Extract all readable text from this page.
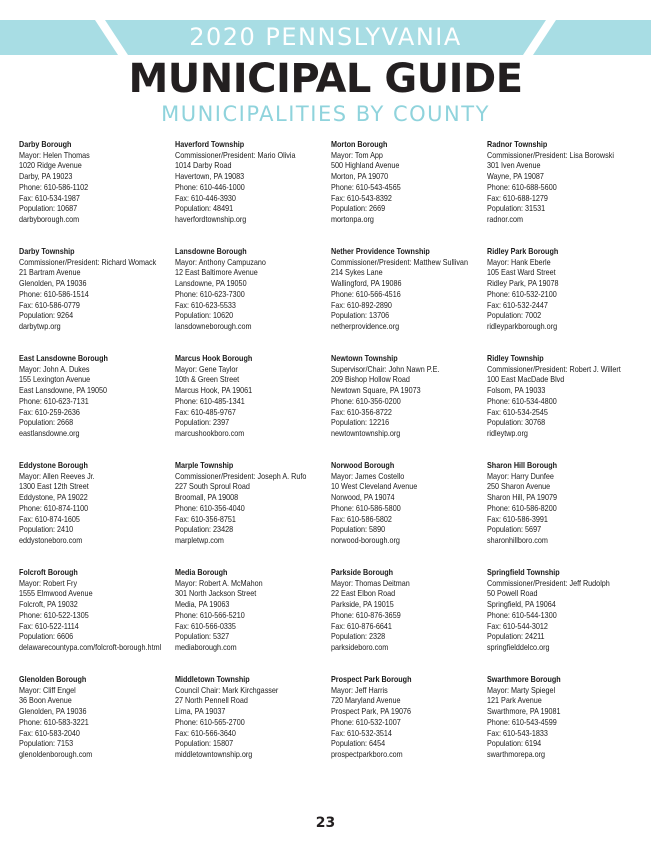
2020 PENNSLYVANIA
MUNICIPAL GUIDE
MUNICIPALITIES BY COUNTY
Darby Borough
Mayor: Helen Thomas
1020 Ridge Avenue
Darby, PA 19023
Phone: 610-586-1102
Fax: 610-534-1987
Population: 10687
darbyborough.com
Darby Township
Commissioner/President: Richard Womack
21 Bartram Avenue
Glenolden, PA 19036
Phone: 610-586-1514
Fax: 610-586-0779
Population: 9264
darbytwp.org
East Lansdowne Borough
Mayor: John A. Dukes
155 Lexington Avenue
East Lansdowne, PA 19050
Phone: 610-623-7131
Fax: 610-259-2636
Population: 2668
eastlansdowne.org
Eddystone Borough
Mayor: Allen Reeves Jr.
1300 East 12th Street
Eddystone, PA 19022
Phone: 610-874-1100
Fax: 610-874-1605
Population: 2410
eddystoneboro.com
Folcroft Borough
Mayor: Robert Fry
1555 Elmwood Avenue
Folcroft, PA 19032
Phone: 610-522-1305
Fax: 610-522-1114
Population: 6606
delawarecountypa.com/folcroft-borough.html
Glenolden Borough
Mayor: Cliff Engel
36 Boon Avenue
Glenolden, PA 19036
Phone: 610-583-3221
Fax: 610-583-2040
Population: 7153
glenoldenborough.com
Haverford Township
Commissioner/President: Mario Olivia
1014 Darby Road
Havertown, PA 19083
Phone: 610-446-1000
Fax: 610-446-3930
Population: 48491
haverfordtownship.org
Lansdowne Borough
Mayor: Anthony Campuzano
12 East Baltimore Avenue
Lansdowne, PA 19050
Phone: 610-623-7300
Fax: 610-623-5533
Population: 10620
lansdowneborough.com
Marcus Hook Borough
Mayor: Gene Taylor
10th & Green Street
Marcus Hook, PA 19061
Phone: 610-485-1341
Fax: 610-485-9767
Population: 2397
marcushookboro.com
Marple Township
Commissioner/President: Joseph A. Rufo
227 South Sproul Road
Broomall, PA 19008
Phone: 610-356-4040
Fax: 610-356-8751
Population: 23428
marpletwp.com
Media Borough
Mayor: Robert A. McMahon
301 North Jackson Street
Media, PA 19063
Phone: 610-566-5210
Fax: 610-566-0335
Population: 5327
mediaborough.com
Middletown Township
Council Chair: Mark Kirchgasser
27 North Pennell Road
Lima, PA 19037
Phone: 610-565-2700
Fax: 610-566-3640
Population: 15807
middletowntownship.org
Morton Borough
Mayor: Tom App
500 Highland Avenue
Morton, PA 19070
Phone: 610-543-4565
Fax: 610-543-8392
Population: 2669
mortonpa.org
Nether Providence Township
Commissioner/President: Matthew Sullivan
214 Sykes Lane
Wallingford, PA 19086
Phone: 610-566-4516
Fax: 610-892-2890
Population: 13706
netherprovidence.org
Newtown Township
Supervisor/Chair: John Nawn P.E.
209 Bishop Hollow Road
Newtown Square, PA 19073
Phone: 610-356-0200
Fax: 610-356-8722
Population: 12216
newtowntownship.org
Norwood Borough
Mayor: James Costello
10 West Cleveland Avenue
Norwood, PA 19074
Phone: 610-586-5800
Fax: 610-586-5802
Population: 5890
norwood-borough.org
Parkside Borough
Mayor: Thomas Deitman
22 East Elbon Road
Parkside, PA 19015
Phone: 610-876-3659
Fax: 610-876-6641
Population: 2328
parksideboro.com
Prospect Park Borough
Mayor: Jeff Harris
720 Maryland Avenue
Prospect Park, PA 19076
Phone: 610-532-1007
Fax: 610-532-3514
Population: 6454
prospectparkboro.com
Radnor Township
Commissioner/President: Lisa Borowski
301 Iven Avenue
Wayne, PA 19087
Phone: 610-688-5600
Fax: 610-688-1279
Population: 31531
radnor.com
Ridley Park Borough
Mayor: Hank Eberle
105 East Ward Street
Ridley Park, PA 19078
Phone: 610-532-2100
Fax: 610-532-2447
Population: 7002
ridleyparkborough.org
Ridley Township
Commissioner/President: Robert J. Willert
100 East MacDade Blvd
Folsom, PA 19033
Phone: 610-534-4800
Fax: 610-534-2545
Population: 30768
ridleytwp.org
Sharon Hill Borough
Mayor: Harry Dunfee
250 Sharon Avenue
Sharon Hill, PA 19079
Phone: 610-586-8200
Fax: 610-586-3991
Population: 5697
sharonhillboro.com
Springfield Township
Commissioner/President: Jeff Rudolph
50 Powell Road
Springfield, PA 19064
Phone: 610-544-1300
Fax: 610-544-3012
Population: 24211
springfielddelco.org
Swarthmore Borough
Mayor: Marty Spiegel
121 Park Avenue
Swarthmore, PA 19081
Phone: 610-543-4599
Fax: 610-543-1833
Population: 6194
swarthmorepa.org
23
